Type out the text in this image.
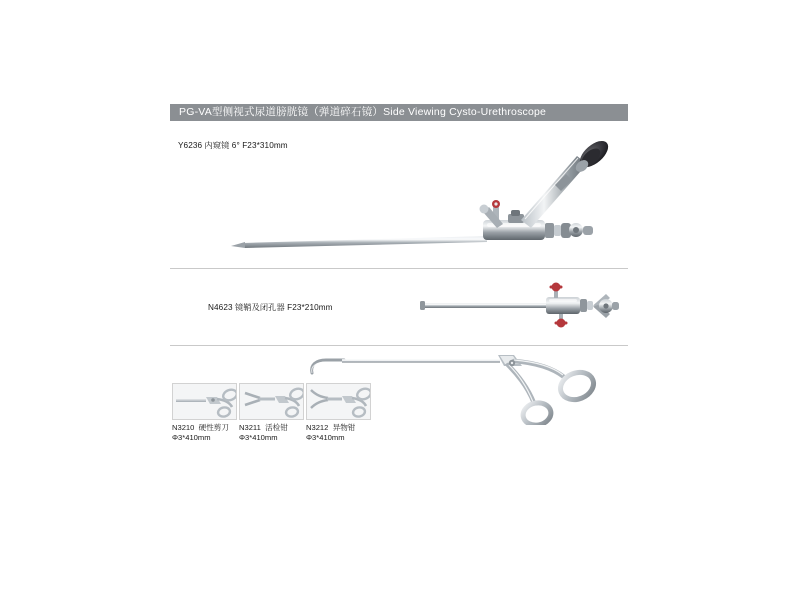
PG-VA型侧视式尿道膀胱镜（弹道碎石镜）Side Viewing Cysto-Urethroscope
Y6236 内窥镜 6° F23*310mm
N4623 镜鞘及闭孔器 F23*210mm
N3210 硬性剪刀
Φ3*410mm
N3211 活检钳
Φ3*410mm
N3212 异物钳
Φ3*410mm
